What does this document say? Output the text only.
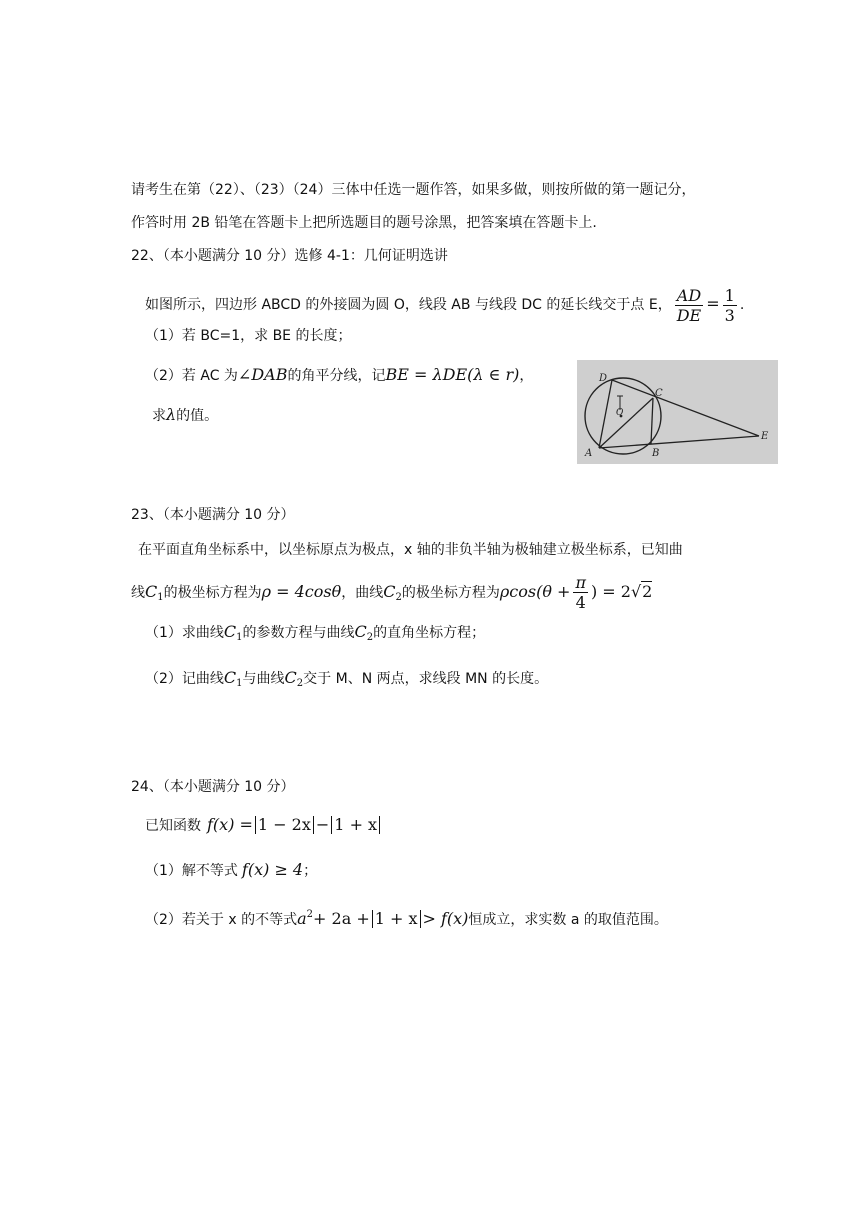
请考生在第（22）、（23）（24）三体中任选一题作答，如果多做，则按所做的第一题记分，
作答时用 2B 铅笔在答题卡上把所选题目的题号涂黑，把答案填在答题卡上.
22、（本小题满分 10 分）选修 4-1：几何证明选讲
如图所示，四边形 ABCD 的外接圆为圆 O，线段 AB 与线段 DC 的延长线交于点 E， $\frac{AD}{DE} = \frac{1}{3}$ .
（1）若 BC=1，求 BE 的长度；
（2）若 AC 为∠DAB的角平分线，记BE = λDE(λ ∈ r)，
求λ的值。
D
C
O
A	B
E
23、（本小题满分 10 分）
在平面直角坐标系中，以坐标原点为极点，x 轴的非负半轴为极轴建立极坐标系，已知曲
线$C_1$的极坐标方程为ρ = 4cosθ，曲线$C_2$的极坐标方程为$\rho\cos(\theta + \frac{\pi}{4}$ ) = 2√2
（1）求曲线$C_1$的参数方程与曲线$C_2$的直角坐标方程；
（2）记曲线$C_1$与曲线$C_2$交于 M、N 两点，求线段 MN 的长度。
24、（本小题满分 10 分）
已知函数 f(x) = 1 − 2x − 1 + x
（1）解不等式 f(x) ≥ 4；
（2）若关于 x 的不等式$a^2+ 2a + 1 + x > f(x)$恒成立，求实数 a 的取值范围。
